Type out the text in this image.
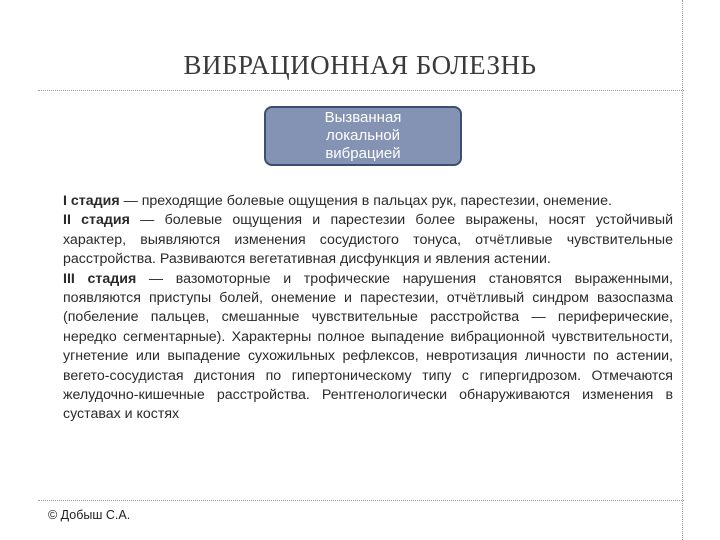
ВИБРАЦИОННАЯ БОЛЕЗНЬ
Вызванная
локальной
вибрацией

I стадия — преходящие болевые ощущения в пальцах рук, парестезии, онемение.

II стадия — болевые ощущения и парестезии более выражены, носят устойчивый характер, выявляются изменения сосудистого тонуса, отчётливые чувствительные расстройства. Развиваются вегетативная дисфункция и явления астении.

III стадия — вазомоторные и трофические нарушения становятся выраженными, появляются приступы болей, онемение и парестезии, отчётливый синдром вазоспазма (побеление пальцев, смешанные чувствительные расстройства — периферические, нередко сегментарные). Характерны полное выпадение вибрационной чувствительности, угнетение или выпадение сухожильных рефлексов, невротизация личности по астении, вегето-сосудистая дистония по гипертоническому типу с гипергидрозом. Отмечаются желудочно-кишечные расстройства. Рентгенологически обнаруживаются изменения в суставах и костях

© Добыш С.А.
